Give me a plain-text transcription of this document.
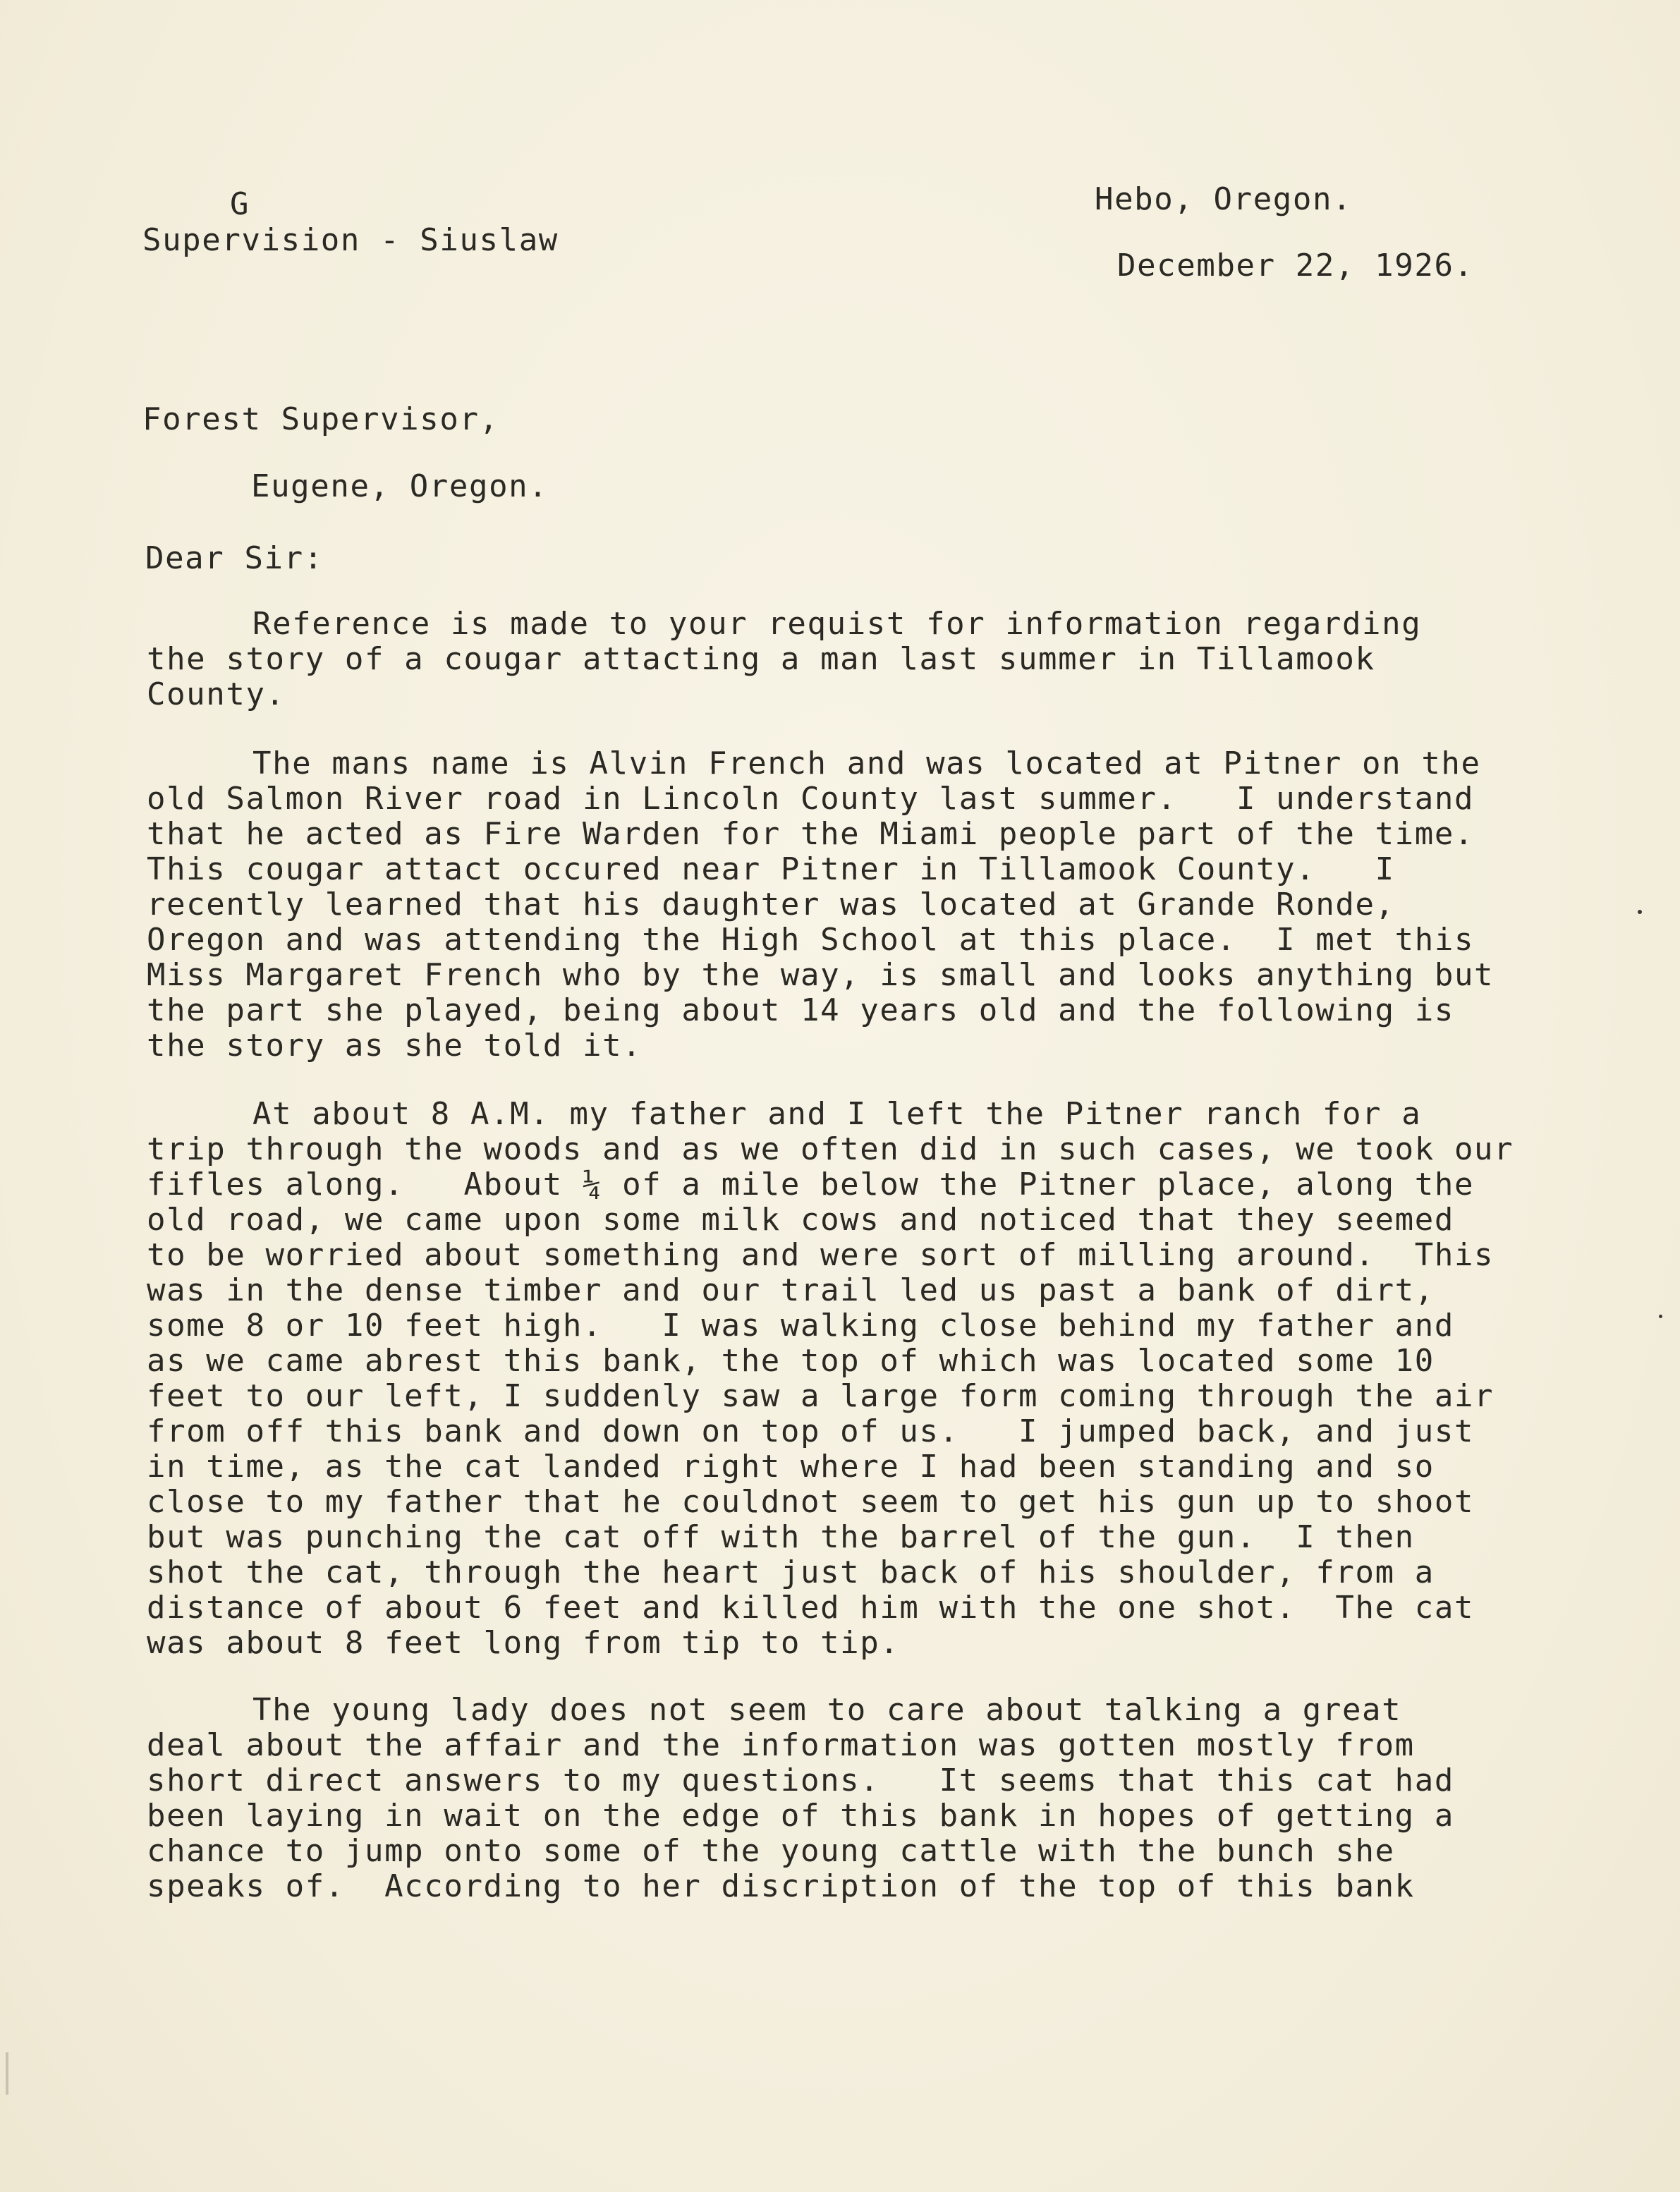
G
Supervision - Siuslaw
Hebo, Oregon.
December 22, 1926.
Forest Supervisor,
Eugene, Oregon.
Dear Sir:
Reference is made to your requist for information regarding
the story of a cougar attacting a man last summer in Tillamook
County.
The mans name is Alvin French and was located at Pitner on the
old Salmon River road in Lincoln County last summer.   I understand
that he acted as Fire Warden for the Miami people part of the time.
This cougar attact occured near Pitner in Tillamook County.   I
recently learned that his daughter was located at Grande Ronde,
Oregon and was attending the High School at this place.  I met this
Miss Margaret French who by the way, is small and looks anything but
the part she played, being about 14 years old and the following is
the story as she told it.
At about 8 A.M. my father and I left the Pitner ranch for a
trip through the woods and as we often did in such cases, we took our
fifles along.   About ¼ of a mile below the Pitner place, along the
old road, we came upon some milk cows and noticed that they seemed
to be worried about something and were sort of milling around.  This
was in the dense timber and our trail led us past a bank of dirt,
some 8 or 10 feet high.   I was walking close behind my father and
as we came abrest this bank, the top of which was located some 10
feet to our left, I suddenly saw a large form coming through the air
from off this bank and down on top of us.   I jumped back, and just
in time, as the cat landed right where I had been standing and so
close to my father that he couldnot seem to get his gun up to shoot
but was punching the cat off with the barrel of the gun.  I then
shot the cat, through the heart just back of his shoulder, from a
distance of about 6 feet and killed him with the one shot.  The cat
was about 8 feet long from tip to tip.
The young lady does not seem to care about talking a great
deal about the affair and the information was gotten mostly from
short direct answers to my questions.   It seems that this cat had
been laying in wait on the edge of this bank in hopes of getting a
chance to jump onto some of the young cattle with the bunch she
speaks of.  According to her discription of the top of this bank
